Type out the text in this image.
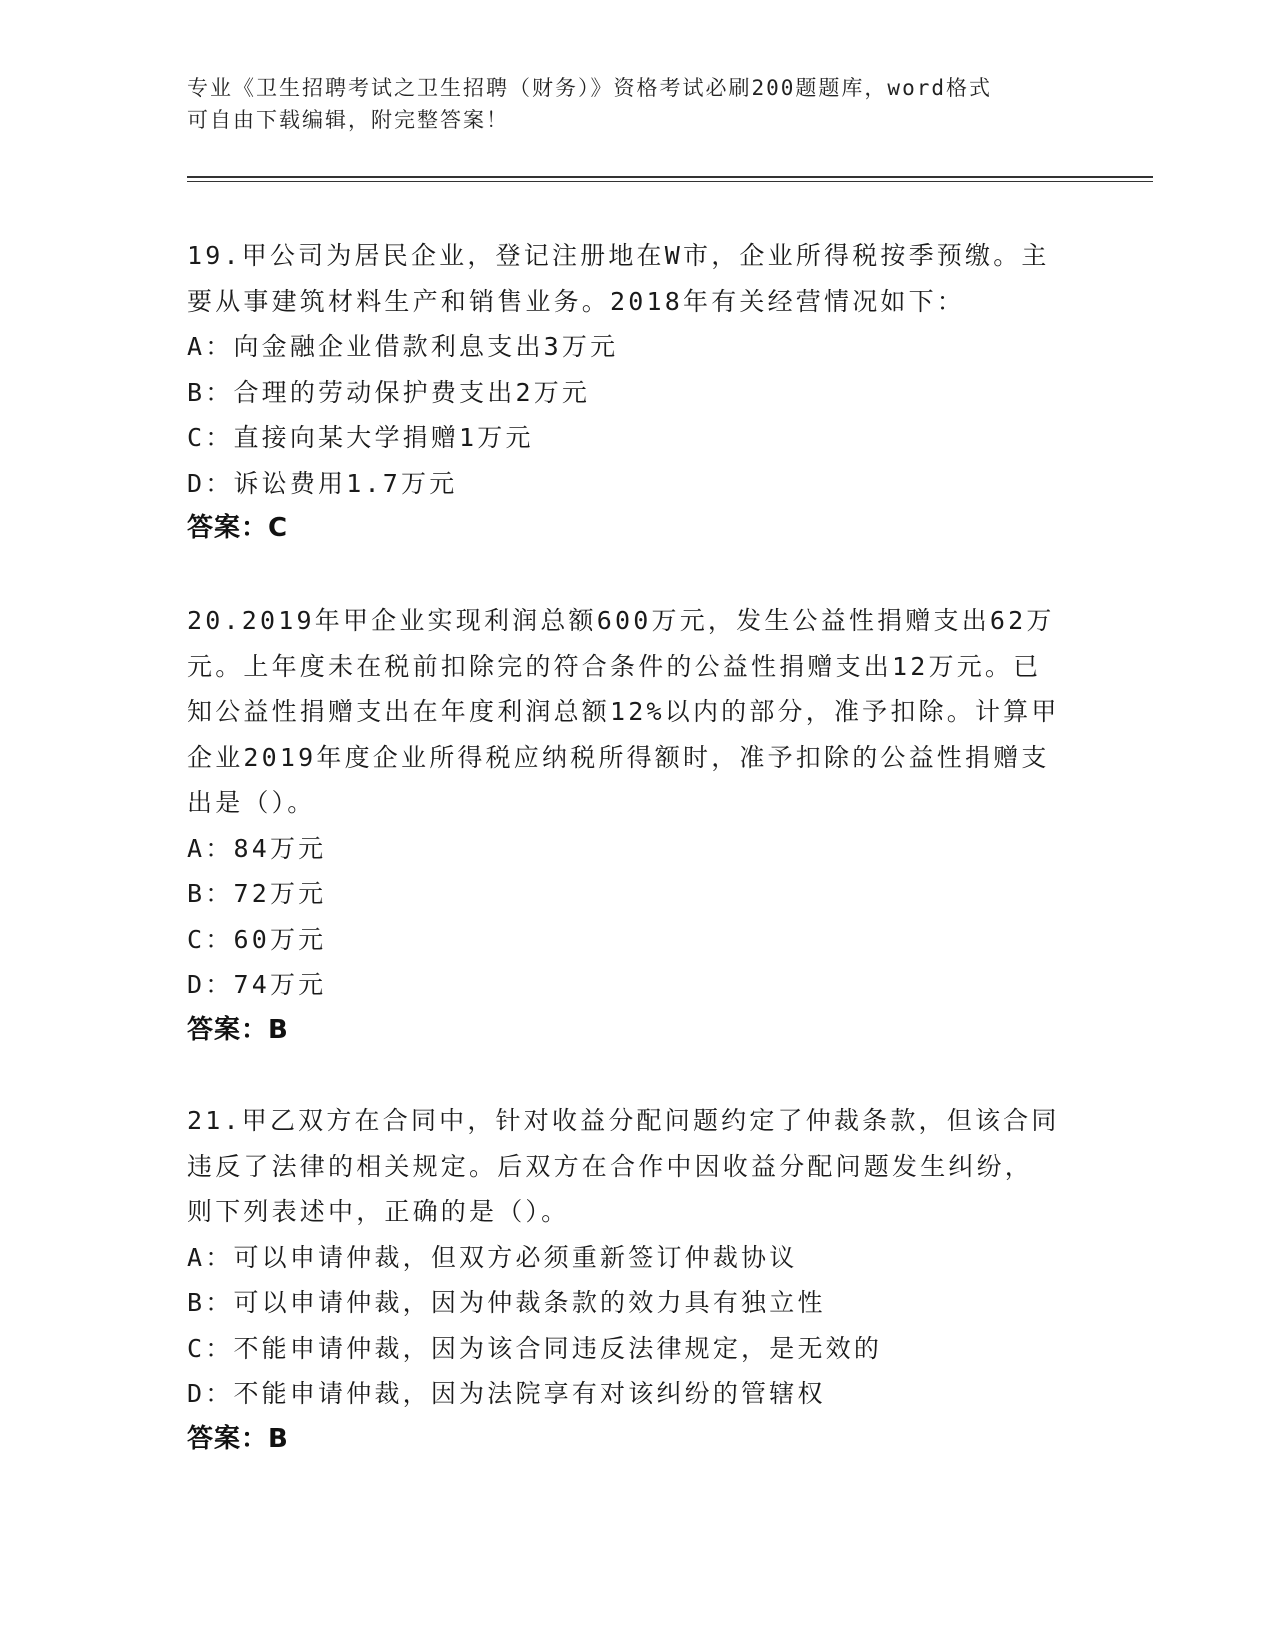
专业《卫生招聘考试之卫生招聘（财务）》资格考试必刷200题题库，word格式
可自由下载编辑，附完整答案！
19.甲公司为居民企业，登记注册地在W市，企业所得税按季预缴。主
要从事建筑材料生产和销售业务。2018年有关经营情况如下：
A：向金融企业借款利息支出3万元
B：合理的劳动保护费支出2万元
C：直接向某大学捐赠1万元
D：诉讼费用1.7万元
答案：C
20.2019年甲企业实现利润总额600万元，发生公益性捐赠支出62万
元。上年度未在税前扣除完的符合条件的公益性捐赠支出12万元。已
知公益性捐赠支出在年度利润总额12%以内的部分，准予扣除。计算甲
企业2019年度企业所得税应纳税所得额时，准予扣除的公益性捐赠支
出是（）。
A：84万元
B：72万元
C：60万元
D：74万元
答案：B
21.甲乙双方在合同中，针对收益分配问题约定了仲裁条款，但该合同
违反了法律的相关规定。后双方在合作中因收益分配问题发生纠纷，
则下列表述中，正确的是（）。
A：可以申请仲裁，但双方必须重新签订仲裁协议
B：可以申请仲裁，因为仲裁条款的效力具有独立性
C：不能申请仲裁，因为该合同违反法律规定，是无效的
D：不能申请仲裁，因为法院享有对该纠纷的管辖权
答案：B
